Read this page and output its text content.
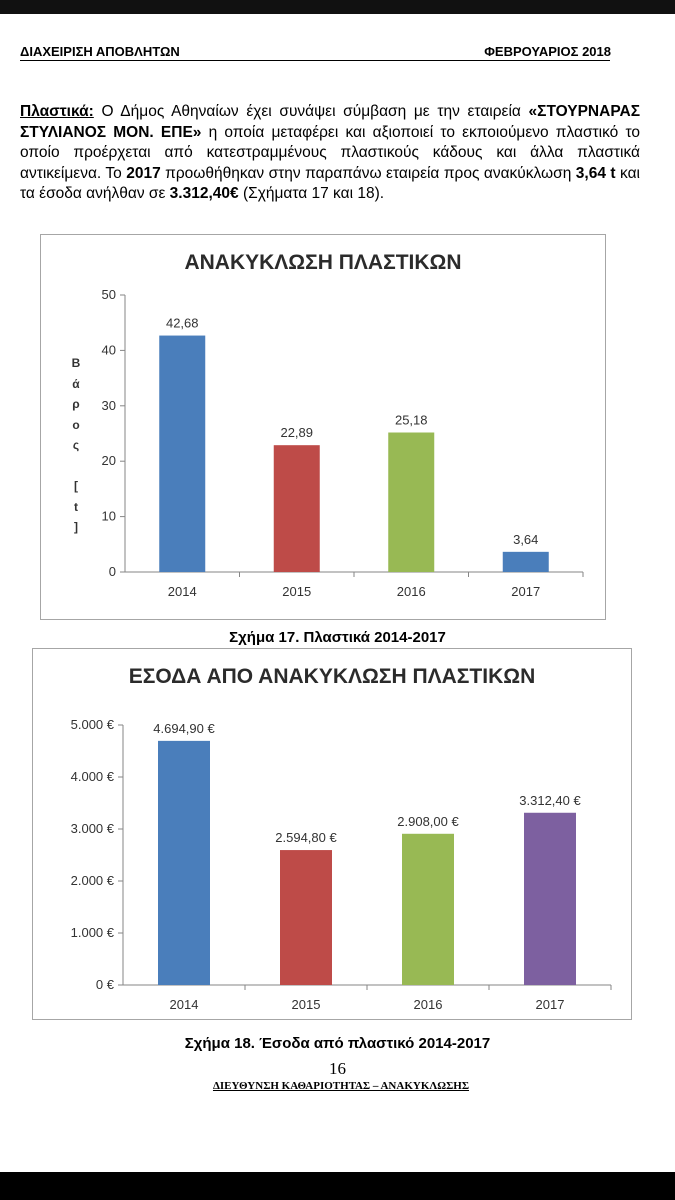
ΔΙΑΧΕΙΡΙΣΗ ΑΠΟΒΛΗΤΩΝ	ΦΕΒΡΟΥΑΡΙΟΣ 2018
Πλαστικά: Ο Δήμος Αθηναίων έχει συνάψει σύμβαση με την εταιρεία «ΣΤΟΥΡΝΑΡΑΣ ΣΤΥΛΙΑΝΟΣ ΜΟΝ. ΕΠΕ» η οποία μεταφέρει και αξιοποιεί το εκποιούμενο πλαστικό το οποίο προέρχεται από κατεστραμμένους πλαστικούς κάδους και άλλα πλαστικά αντικείμενα. Το 2017 προωθήθηκαν στην παραπάνω εταιρεία προς ανακύκλωση 3,64 t και τα έσοδα ανήλθαν σε 3.312,40€ (Σχήματα 17 και 18).
ΑΝΑΚΥΚΛΩΣΗ ΠΛΑΣΤΙΚΩΝ
Β
ά
ρ
ο
ς
[
t
]
0
10
20
30
40
50
42,68
2014
22,89
2015
25,18
2016
3,64
2017
Σχήμα 17. Πλαστικά 2014-2017
ΕΣΟΔΑ ΑΠΟ ΑΝΑΚΥΚΛΩΣΗ ΠΛΑΣΤΙΚΩΝ
0 €
1.000 €
2.000 €
3.000 €
4.000 €
5.000 €	4.694,90 €
2014
2.594,80 €
2015
2.908,00 €
2016
3.312,40 €
2017
Σχήμα 18. Έσοδα από πλαστικό 2014-2017
16
ΔΙΕΥΘΥΝΣΗ ΚΑΘΑΡΙΟΤΗΤΑΣ – ΑΝΑΚΥΚΛΩΣΗΣ
